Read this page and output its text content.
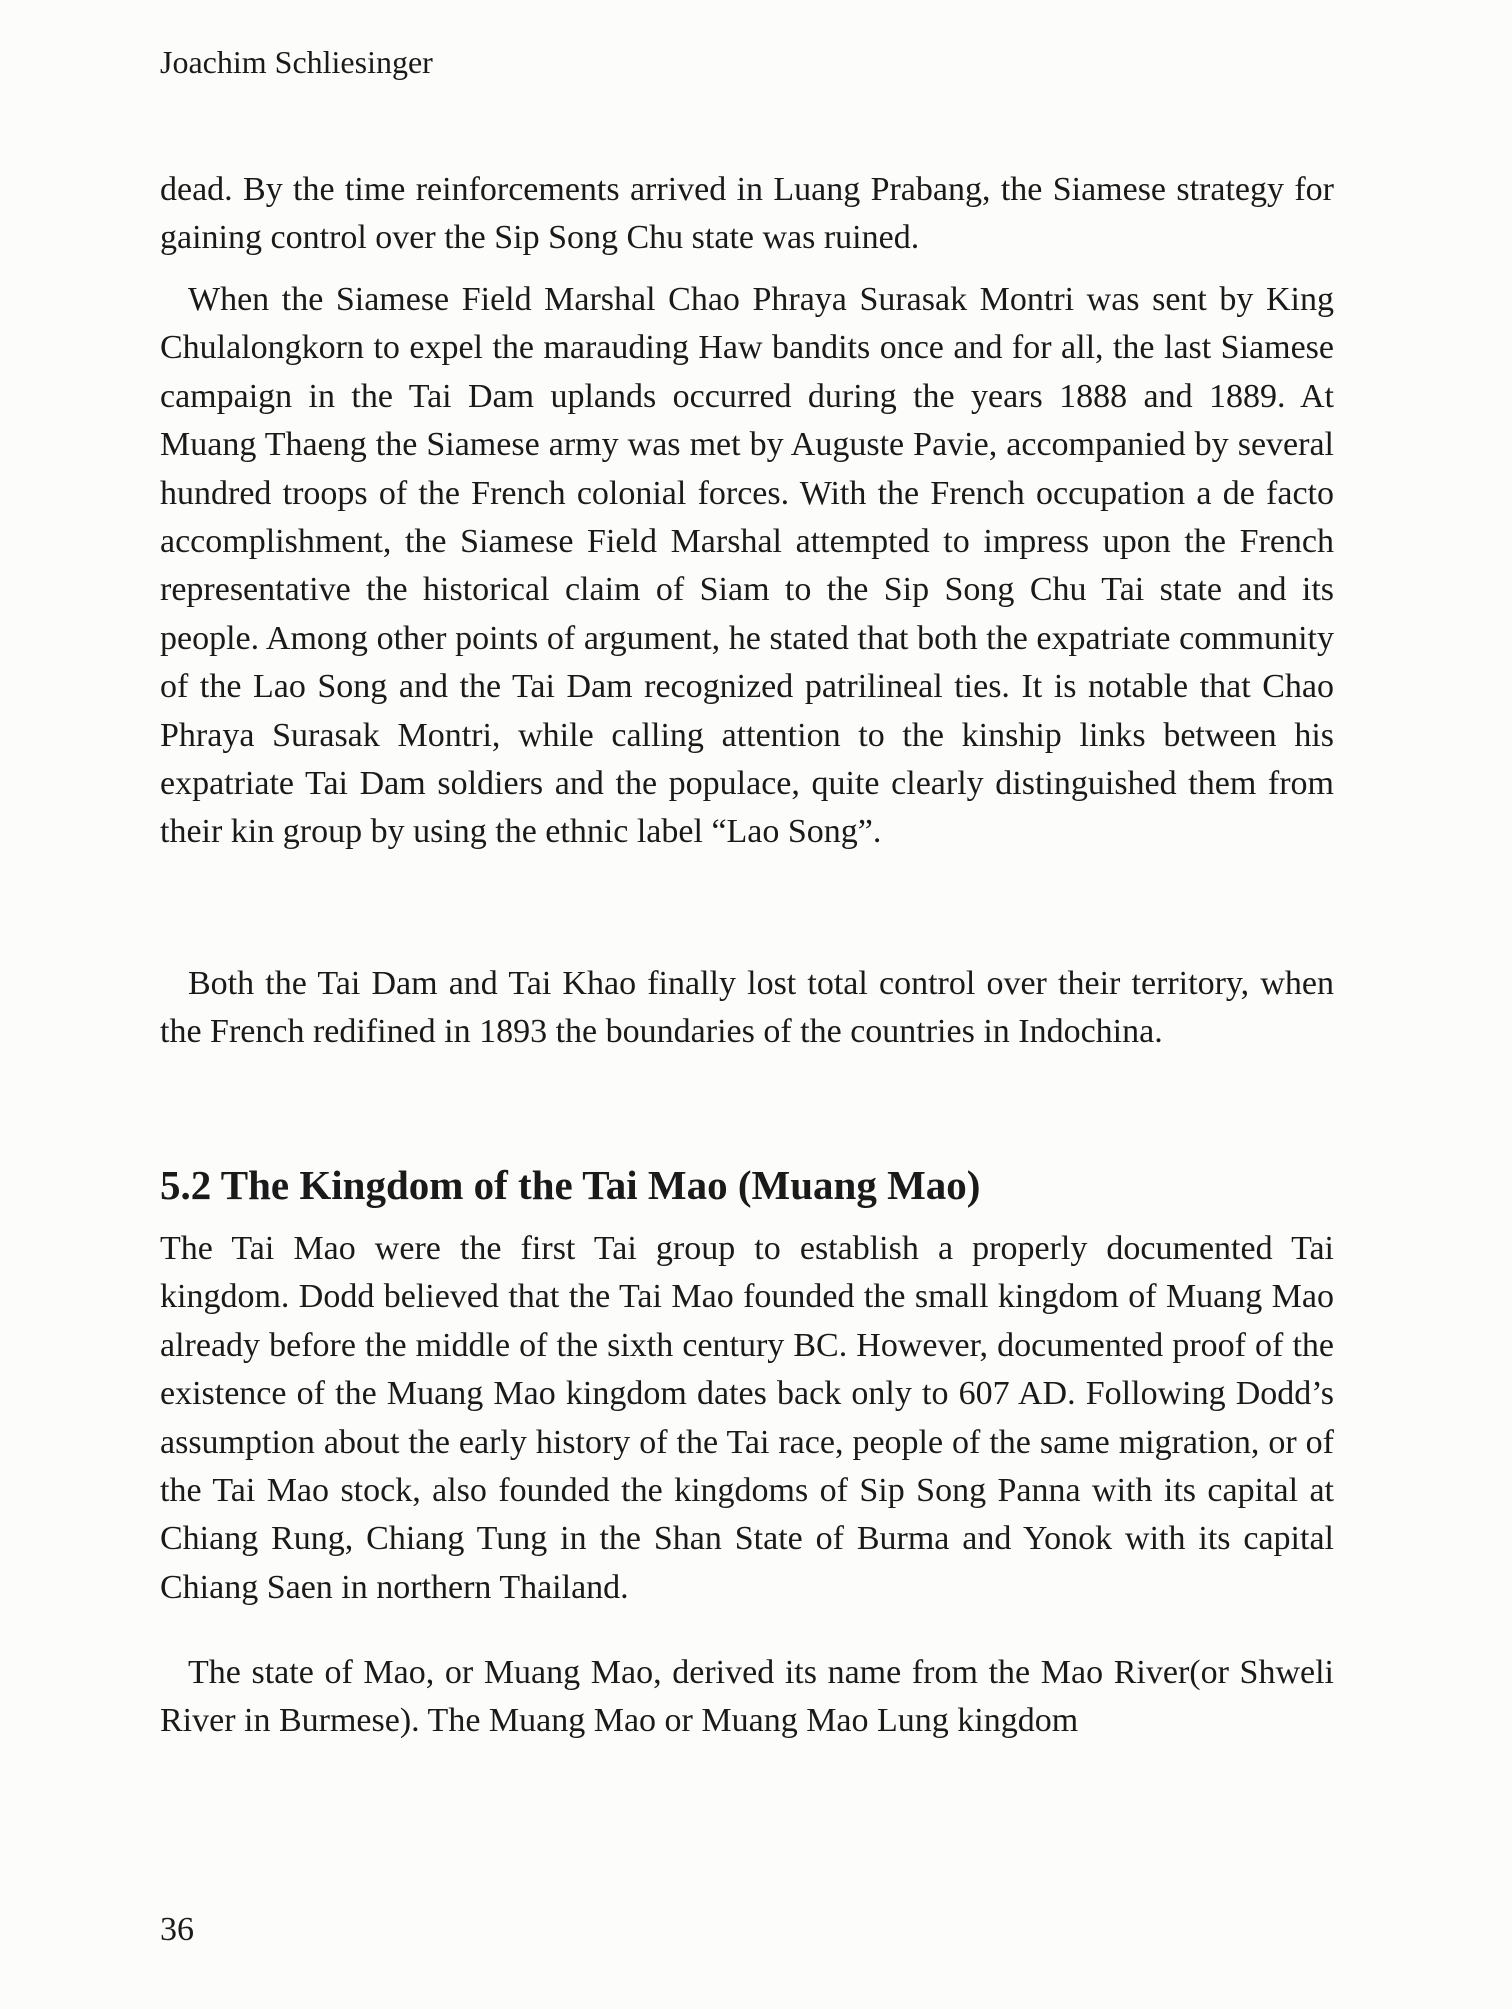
Joachim Schliesinger

dead. By the time reinforcements arrived in Luang Prabang, the Siamese strategy for gaining control over the Sip Song Chu state was ruined.

When the Siamese Field Marshal Chao Phraya Surasak Montri was sent by King Chulalongkorn to expel the marauding Haw bandits once and for all, the last Siamese campaign in the Tai Dam uplands occurred during the years 1888 and 1889. At Muang Thaeng the Siamese army was met by Auguste Pavie, accompanied by several hundred troops of the French colonial forces. With the French occupation a de facto accomplishment, the Siamese Field Marshal attempted to impress upon the French representative the historical claim of Siam to the Sip Song Chu Tai state and its people. Among other points of argument, he stated that both the expatriate community of the Lao Song and the Tai Dam recognized patrilineal ties. It is notable that Chao Phraya Surasak Montri, while calling attention to the kinship links between his expatriate Tai Dam soldiers and the populace, quite clearly distinguished them from their kin group by using the ethnic label “Lao Song”.

Both the Tai Dam and Tai Khao finally lost total control over their territory, when the French redifined in 1893 the boundaries of the countries in Indochina.

5.2 The Kingdom of the Tai Mao (Muang Mao)

The Tai Mao were the first Tai group to establish a properly documented Tai kingdom. Dodd believed that the Tai Mao founded the small kingdom of Muang Mao already before the middle of the sixth century BC. However, documented proof of the existence of the Muang Mao kingdom dates back only to 607 AD. Following Dodd’s assumption about the early history of the Tai race, people of the same migration, or of the Tai Mao stock, also founded the kingdoms of Sip Song Panna with its capital at Chiang Rung, Chiang Tung in the Shan State of Burma and Yonok with its capital Chiang Saen in northern Thailand.

The state of Mao, or Muang Mao, derived its name from the Mao River(or Shweli River in Burmese). The Muang Mao or Muang Mao Lung kingdom

36
